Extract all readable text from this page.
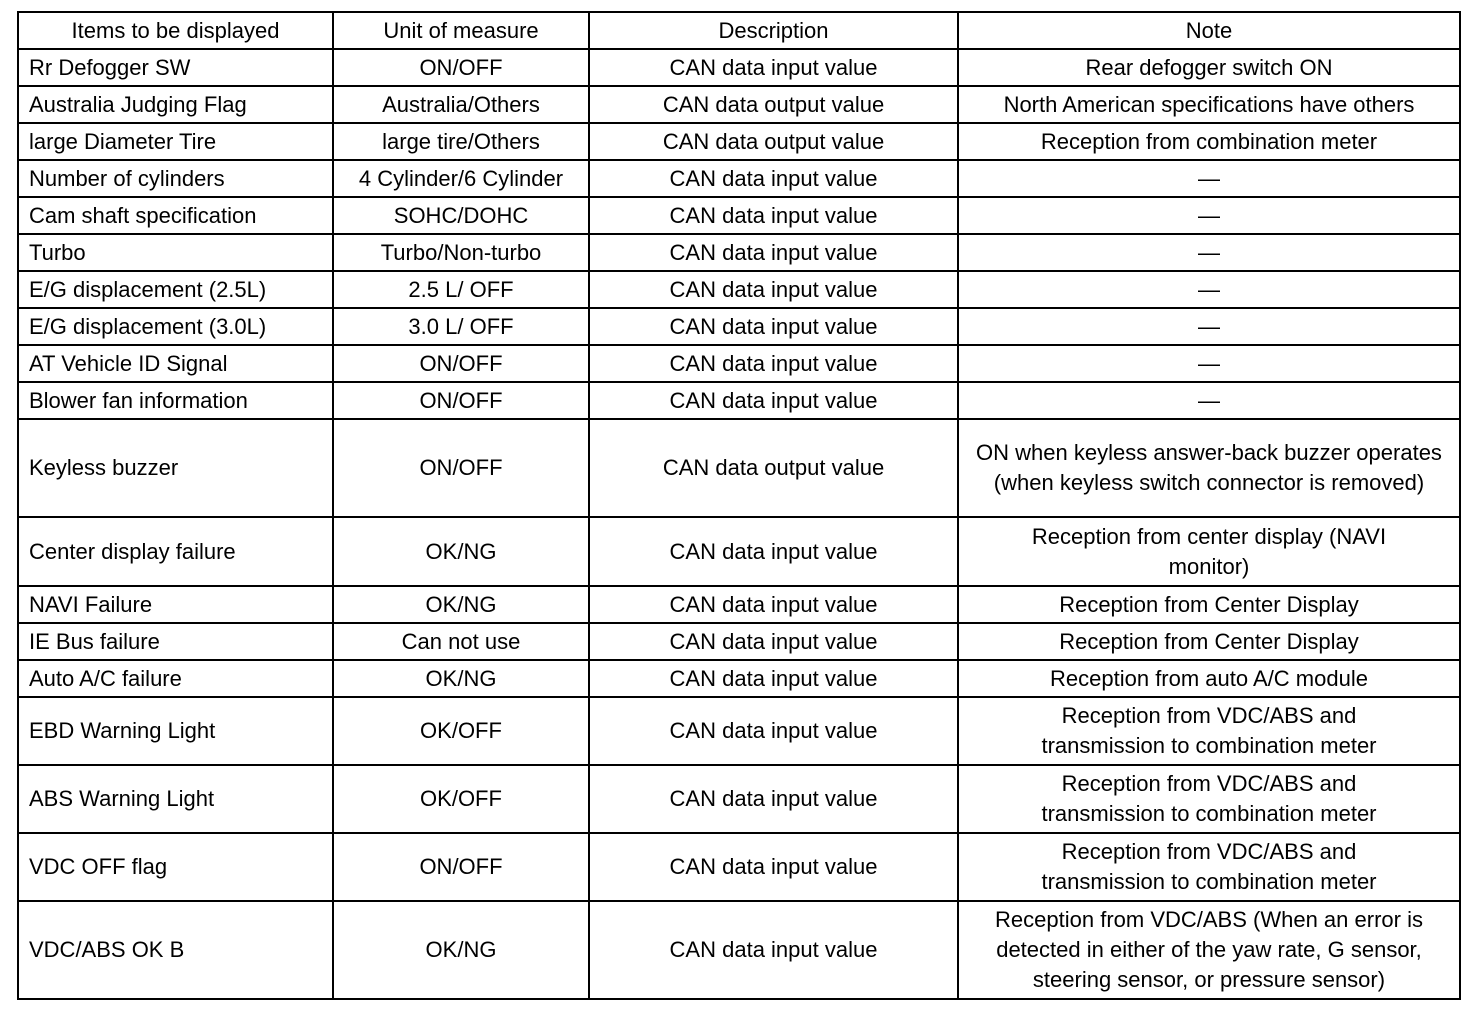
Items to be displayed	Unit of measure	Description	Note
Rr Defogger SW	ON/OFF	CAN data input value	Rear defogger switch ON
Australia Judging Flag	Australia/Others	CAN data output value	North American specifications have others
large Diameter Tire	large tire/Others	CAN data output value	Reception from combination meter
Number of cylinders	4 Cylinder/6 Cylinder	CAN data input value	—
Cam shaft specification	SOHC/DOHC	CAN data input value	—
Turbo	Turbo/Non-turbo	CAN data input value	—
E/G displacement (2.5L)	2.5 L/ OFF	CAN data input value	—
E/G displacement (3.0L)	3.0 L/ OFF	CAN data input value	—
AT Vehicle ID Signal	ON/OFF	CAN data input value	—
Blower fan information	ON/OFF	CAN data input value	—
Keyless buzzer	ON/OFF	CAN data output value	ON when keyless answer-back buzzer operates (when keyless switch connector is removed)
Center display failure	OK/NG	CAN data input value	Reception from center display (NAVI monitor)
NAVI Failure	OK/NG	CAN data input value	Reception from Center Display
IE Bus failure	Can not use	CAN data input value	Reception from Center Display
Auto A/C failure	OK/NG	CAN data input value	Reception from auto A/C module
EBD Warning Light	OK/OFF	CAN data input value	Reception from VDC/ABS and transmission to combination meter
ABS Warning Light	OK/OFF	CAN data input value	Reception from VDC/ABS and transmission to combination meter
VDC OFF flag	ON/OFF	CAN data input value	Reception from VDC/ABS and transmission to combination meter
VDC/ABS OK B	OK/NG	CAN data input value	Reception from VDC/ABS (When an error is detected in either of the yaw rate, G sensor, steering sensor, or pressure sensor)
